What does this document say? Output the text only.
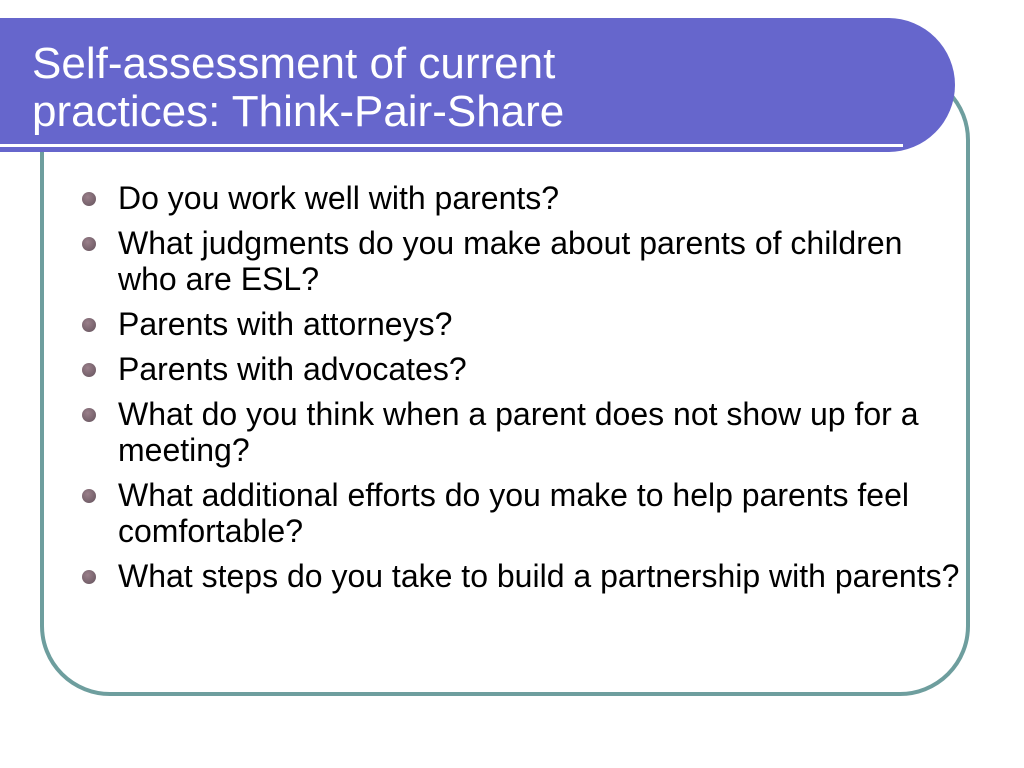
Self-assessment of current
practices: Think-Pair-Share
Do you work well with parents?
What judgments do you make about parents of children who are ESL?
Parents with attorneys?
Parents with advocates?
What do you think when a parent does not show up for a meeting?
What additional efforts do you make to help parents feel comfortable?
What steps do you take to build a partnership with parents?
